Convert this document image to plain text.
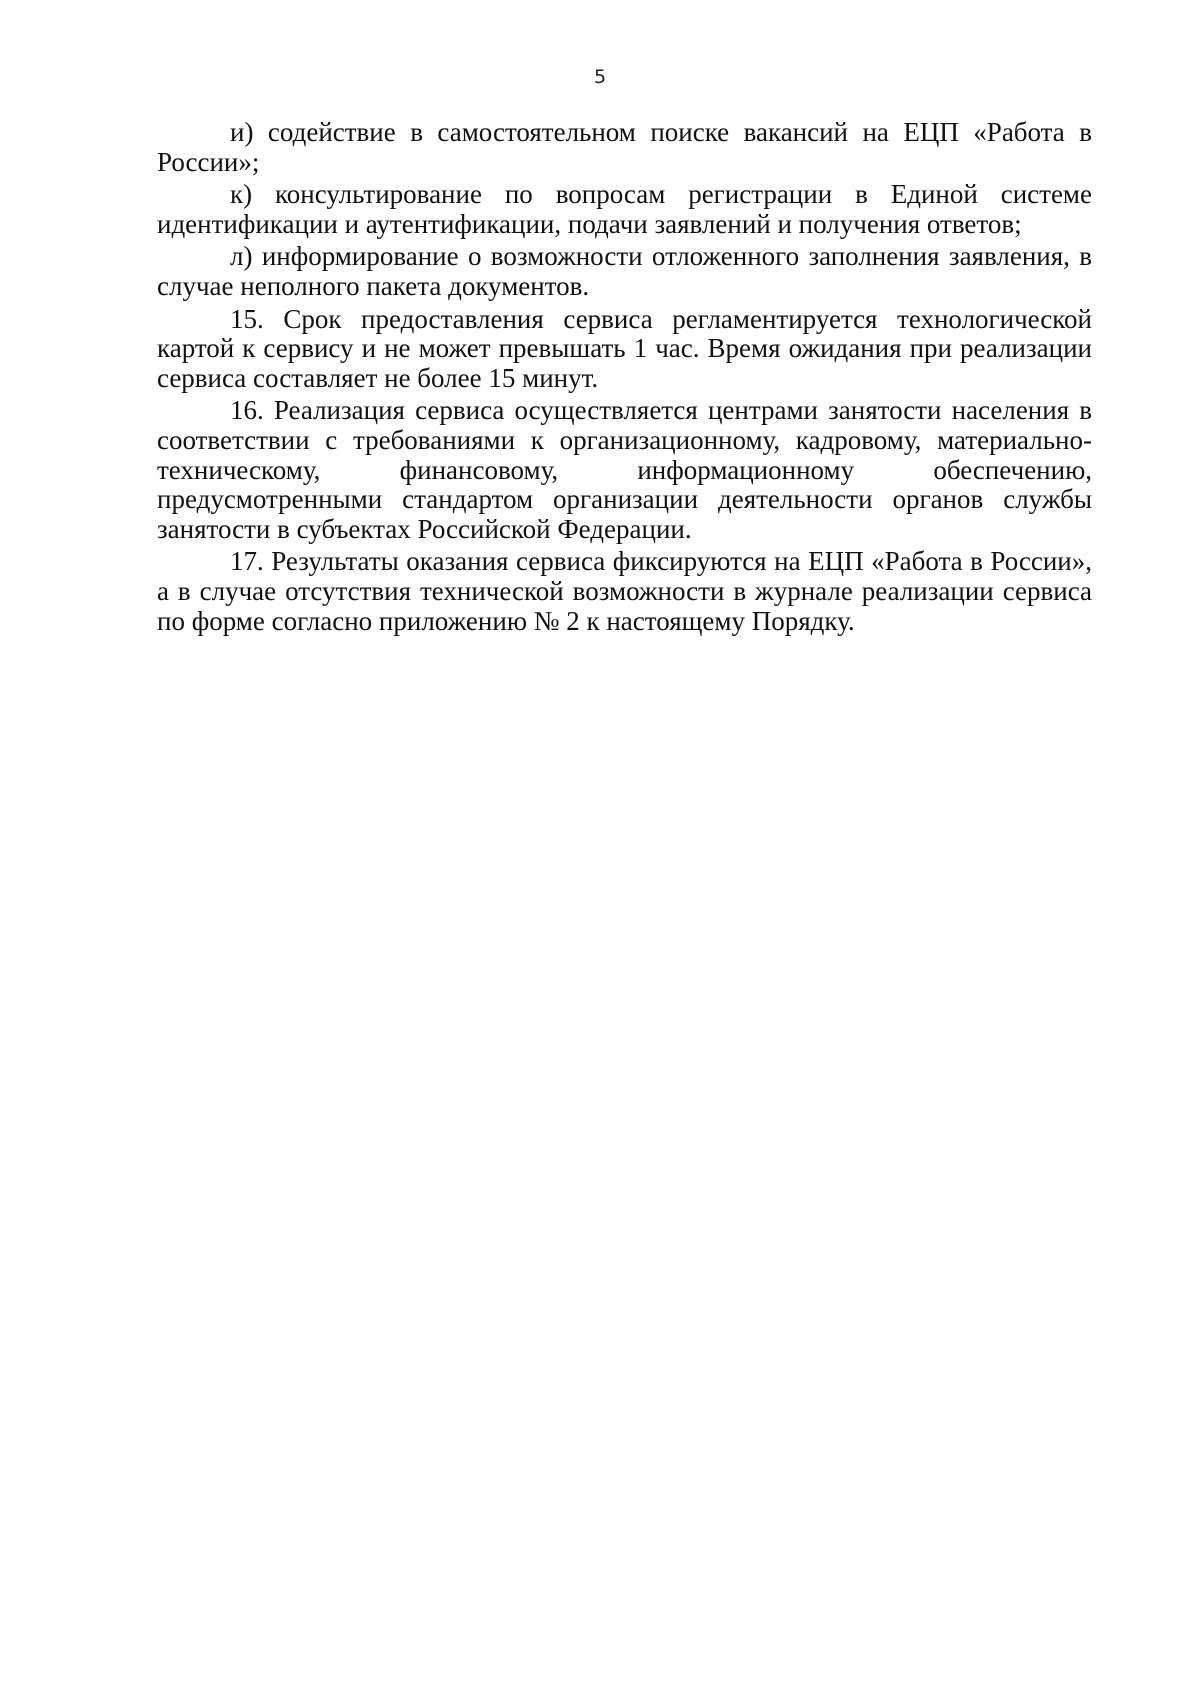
5

и) содействие в самостоятельном поиске вакансий на ЕЦП «Работа в России»;

к) консультирование по вопросам регистрации в Единой системе идентификации и аутентификации, подачи заявлений и получения ответов;

л) информирование о возможности отложенного заполнения заявления, в случае неполного пакета документов.

15. Срок предоставления сервиса регламентируется технологической картой к сервису и не может превышать 1 час. Время ожидания при реализации сервиса составляет не более 15 минут.

16. Реализация сервиса осуществляется центрами занятости населения в соответствии с требованиями к организационному, кадровому, материально-техническому, финансовому, информационному обеспечению, предусмотренными стандартом организации деятельности органов службы занятости в субъектах Российской Федерации.

17. Результаты оказания сервиса фиксируются на ЕЦП «Работа в России», а в случае отсутствия технической возможности в журнале реализации сервиса по форме согласно приложению № 2 к настоящему Порядку.
